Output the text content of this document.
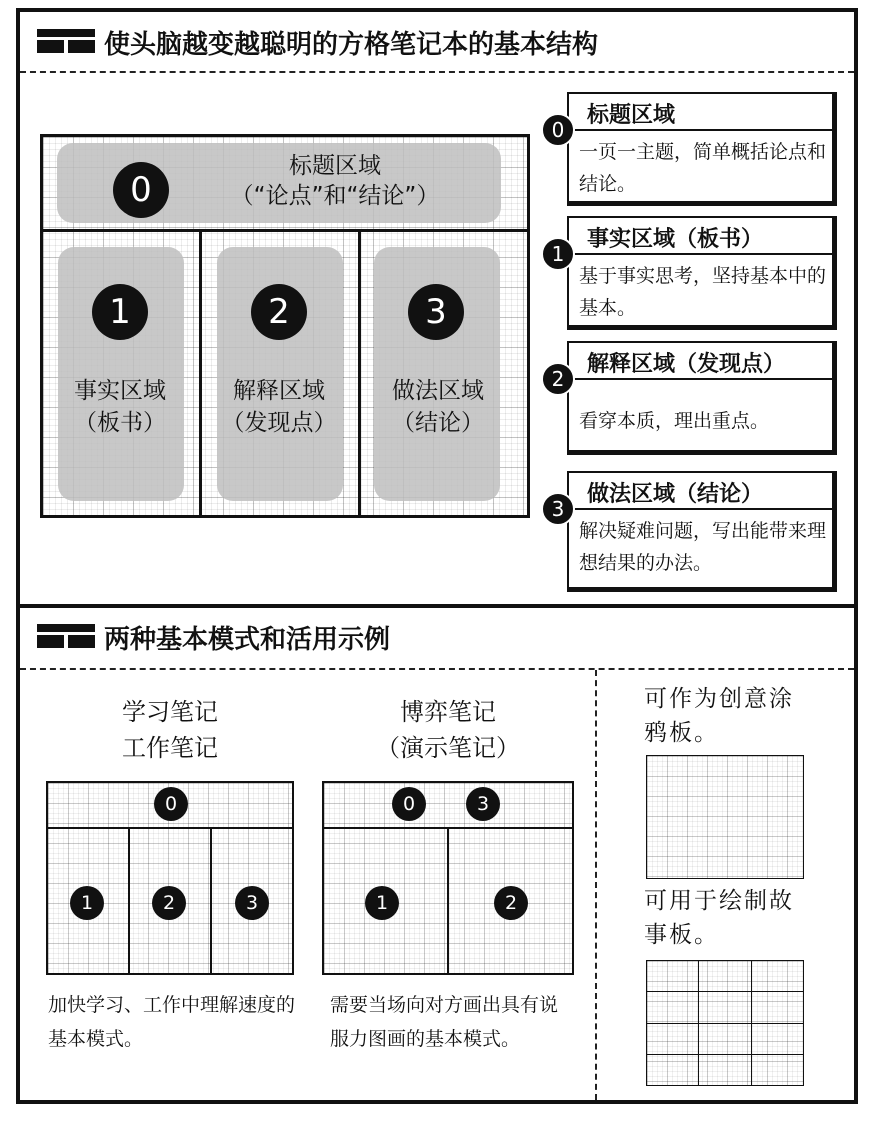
使头脑越变越聪明的方格笔记本的基本结构
0
标题区域
（“论点”和“结论”）
1	2	3
事实区域
（板书）
解释区域
（发现点）
做法区域
（结论）
标题区域
一页一主题，简单概括论点和结论。
0
事实区域（板书）
基于事实思考，坚持基本中的基本。
1
解释区域（发现点）
看穿本质，理出重点。
2
做法区域（结论）
解决疑难问题，写出能带来理想结果的办法。
3
两种基本模式和活用示例
学习笔记
工作笔记
0
1	2	3
加快学习、工作中理解速度的基本模式。
博弈笔记
（演示笔记）
0	3
1	2
需要当场向对方画出具有说服力图画的基本模式。
可作为创意涂鸦板。
可用于绘制故事板。
